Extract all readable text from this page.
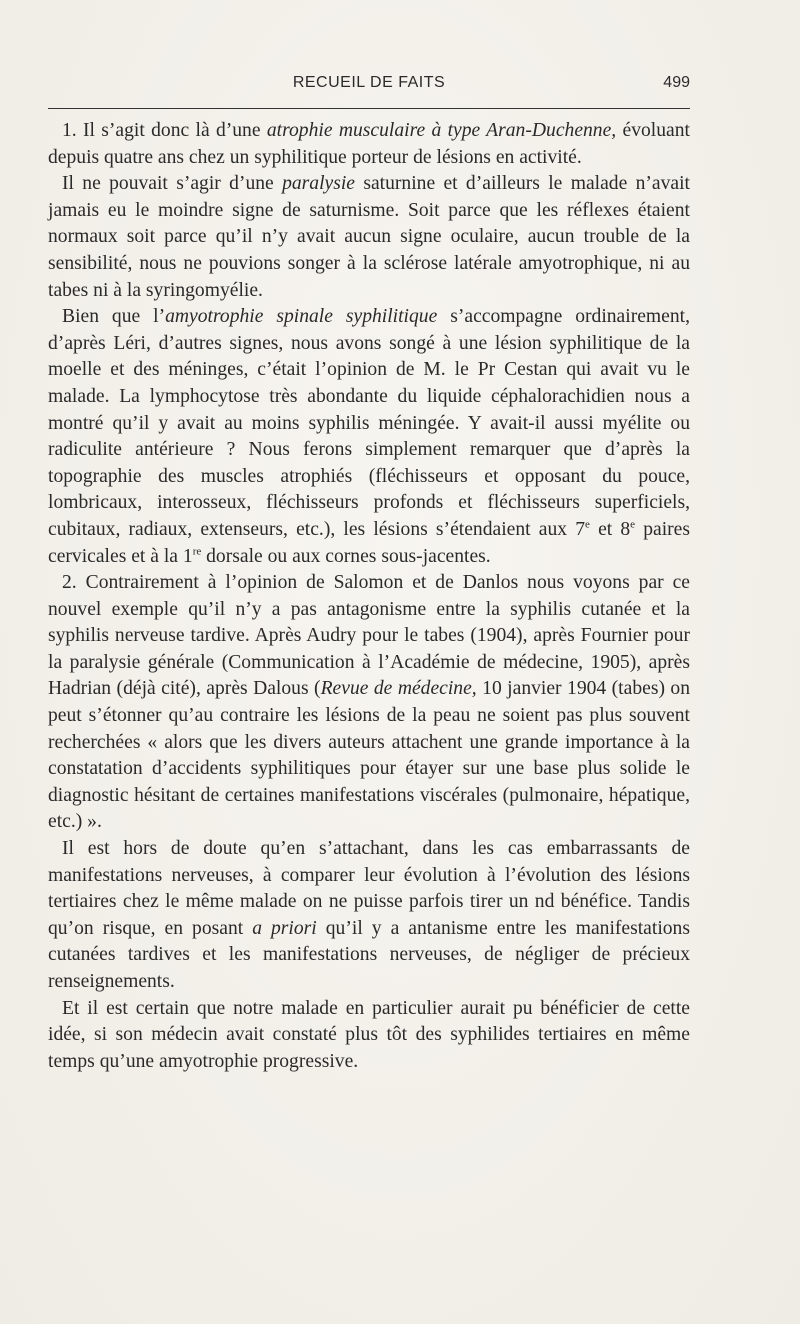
RECUEIL DE FAITS	499

1. Il s’agit donc là d’une atrophie musculaire à type Aran-Duchenne, évoluant depuis quatre ans chez un syphilitique porteur de lésions en activité.

Il ne pouvait s’agir d’une paralysie saturnine et d’ailleurs le malade n’avait jamais eu le moindre signe de saturnisme. Soit parce que les réflexes étaient normaux soit parce qu’il n’y avait aucun signe oculaire, aucun trouble de la sensibilité, nous ne pouvions songer à la sclérose latérale amyotrophique, ni au tabes ni à la syringomyélie.

Bien que l’amyotrophie spinale syphilitique s’accompagne ordinairement, d’après Léri, d’autres signes, nous avons songé à une lésion syphilitique de la moelle et des méninges, c’était l’opinion de M. le Pr Cestan qui avait vu le malade. La lymphocytose très abondante du liquide céphalorachidien nous a montré qu’il y avait au moins syphilis méningée. Y avait-il aussi myélite ou radiculite antérieure ? Nous ferons simplement remarquer que d’après la topographie des muscles atrophiés (fléchisseurs et opposant du pouce, lombricaux, interosseux, fléchisseurs profonds et fléchisseurs superficiels, cubitaux, radiaux, extenseurs, etc.), les lésions s’étendaient aux 7e et 8e paires cervicales et à la 1re dorsale ou aux cornes sous-jacentes.

2. Contrairement à l’opinion de Salomon et de Danlos nous voyons par ce nouvel exemple qu’il n’y a pas antagonisme entre la syphilis cutanée et la syphilis nerveuse tardive. Après Audry pour le tabes (1904), après Fournier pour la paralysie générale (Communication à l’Académie de médecine, 1905), après Hadrian (déjà cité), après Dalous (Revue de médecine, 10 janvier 1904 (tabes) on peut s’étonner qu’au contraire les lésions de la peau ne soient pas plus souvent recherchées « alors que les divers auteurs attachent une grande importance à la constatation d’accidents syphilitiques pour étayer sur une base plus solide le diagnostic hésitant de certaines manifestations viscérales (pulmonaire, hépatique, etc.) ».

Il est hors de doute qu’en s’attachant, dans les cas embarrassants de manifestations nerveuses, à comparer leur évolution à l’évolution des lésions tertiaires chez le même malade on ne puisse parfois tirer un nd bénéfice. Tandis qu’on risque, en posant a priori qu’il y a antanisme entre les manifestations cutanées tardives et les manifestations nerveuses, de négliger de précieux renseignements.

Et il est certain que notre malade en particulier aurait pu bénéficier de cette idée, si son médecin avait constaté plus tôt des syphilides tertiaires en même temps qu’une amyotrophie progressive.
